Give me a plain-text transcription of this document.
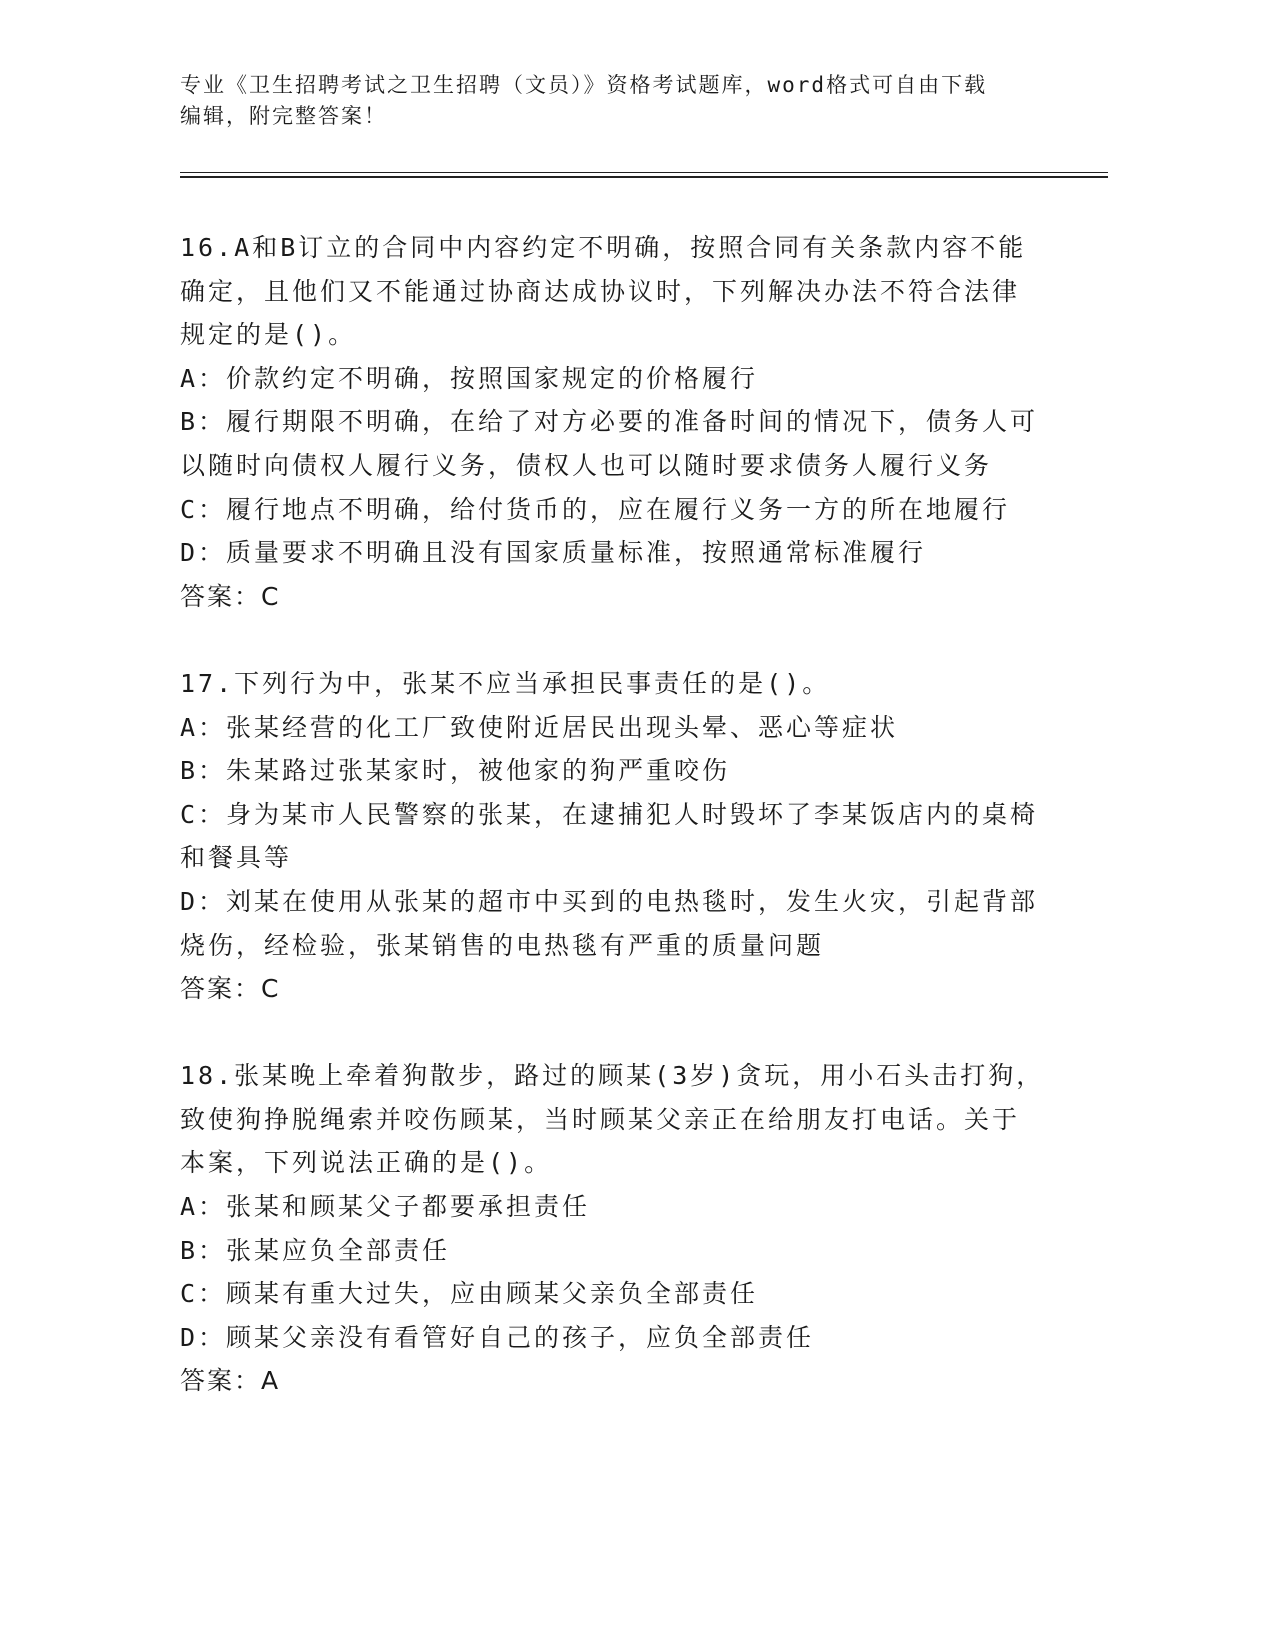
专业《卫生招聘考试之卫生招聘（文员）》资格考试题库，word格式可自由下载
编辑，附完整答案！

16.A和B订立的合同中内容约定不明确，按照合同有关条款内容不能

确定，且他们又不能通过协商达成协议时，下列解决办法不符合法律

规定的是()。

A：价款约定不明确，按照国家规定的价格履行

B：履行期限不明确，在给了对方必要的准备时间的情况下，债务人可

以随时向债权人履行义务，债权人也可以随时要求债务人履行义务

C：履行地点不明确，给付货币的，应在履行义务一方的所在地履行

D：质量要求不明确且没有国家质量标准，按照通常标准履行

答案：C

17.下列行为中，张某不应当承担民事责任的是()。

A：张某经营的化工厂致使附近居民出现头晕、恶心等症状

B：朱某路过张某家时，被他家的狗严重咬伤

C：身为某市人民警察的张某，在逮捕犯人时毁坏了李某饭店内的桌椅

和餐具等

D：刘某在使用从张某的超市中买到的电热毯时，发生火灾，引起背部

烧伤，经检验，张某销售的电热毯有严重的质量问题

答案：C

18.张某晚上牵着狗散步，路过的顾某(3岁)贪玩，用小石头击打狗，

致使狗挣脱绳索并咬伤顾某，当时顾某父亲正在给朋友打电话。关于

本案，下列说法正确的是()。

A：张某和顾某父子都要承担责任

B：张某应负全部责任

C：顾某有重大过失，应由顾某父亲负全部责任

D：顾某父亲没有看管好自己的孩子，应负全部责任

答案：A
